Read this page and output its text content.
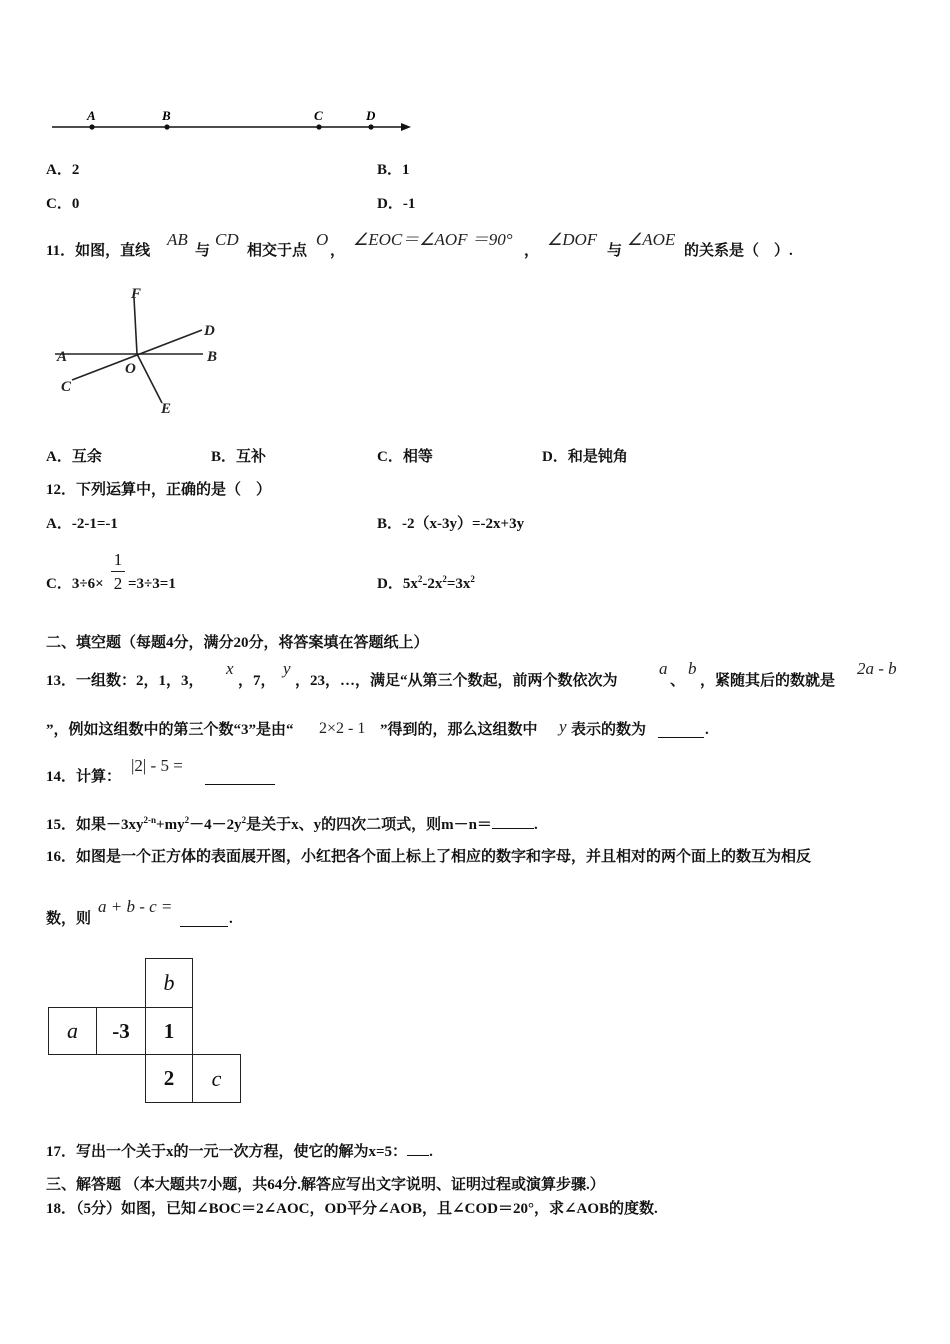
A	B	C	D
A．2	B．1
C．0	D．-1
11．如图，直线
AB
与
CD
相交于点
O
，
∠EOC＝∠AOF ＝90°
，
∠DOF
与
∠AOE
的关系是（　）.
F
D
A	B
C
O
E
A．互余	B．互补	C．相等	D．和是钝角
12．下列运算中，正确的是（　）
A．-2-1=-1	B．-2（x-3y）=-2x+3y
C．3÷6×
1
2 =3÷3=1	D．$5x^2-2x^2=3x^2$
二、填空题（每题4分，满分20分，将答案填在答题纸上）
13．一组数：2，1，3，
x
，7，
y
，23，…，满足“从第三个数起，前两个数依次为
a
、
b
，紧随其后的数就是
2a - b
”，例如这组数中的第三个数“3”是由“ 2×2 - 1 ”得到的，那么这组数中 y 表示的数为	.
14．计算：
|2| - 5 =
15．如果$-3xy^{2-n}+my^2-4-2y^2$是关于x、y的四次二项式，则m－n＝	.
16．如图是一个正方体的表面展开图，小红把各个面上标上了相应的数字和字母，并且相对的两个面上的数互为相反
数，则
a + b - c =
.
b
a	-3	1
2	c
17．写出一个关于x的一元一次方程，使它的解为x=5： .
三、解答题 （本大题共7小题，共64分.解答应写出文字说明、证明过程或演算步骤.）
18．（5分）如图，已知∠BOC＝2∠AOC，OD平分∠AOB，且∠COD＝20°，求∠AOB的度数.
